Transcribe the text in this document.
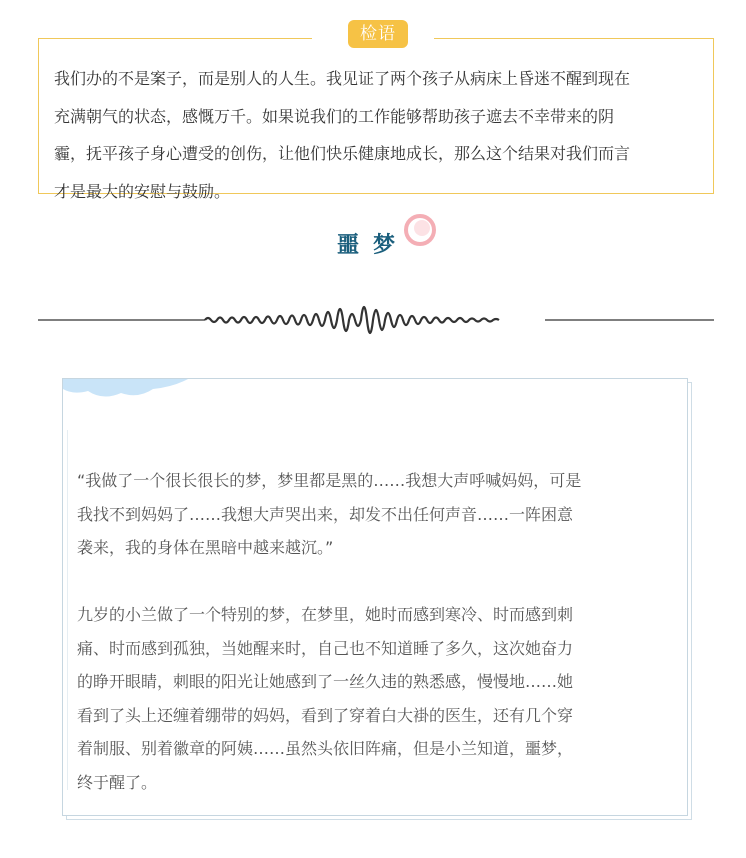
检语
我们办的不是案子，而是别人的人生。我见证了两个孩子从病床上昏迷不醒到现在
充满朝气的状态，感慨万千。如果说我们的工作能够帮助孩子遮去不幸带来的阴
霾，抚平孩子身心遭受的创伤，让他们快乐健康地成长，那么这个结果对我们而言
才是最大的安慰与鼓励。
噩梦

“我做了一个很长很长的梦，梦里都是黑的……我想大声呼喊妈妈，可是

我找不到妈妈了……我想大声哭出来，却发不出任何声音……一阵困意

袭来，我的身体在黑暗中越来越沉。”

九岁的小兰做了一个特别的梦，在梦里，她时而感到寒冷、时而感到刺

痛、时而感到孤独，当她醒来时，自己也不知道睡了多久，这次她奋力

的睁开眼睛，刺眼的阳光让她感到了一丝久违的熟悉感，慢慢地……她

看到了头上还缠着绷带的妈妈，看到了穿着白大褂的医生，还有几个穿

着制服、别着徽章的阿姨……虽然头依旧阵痛，但是小兰知道，噩梦，

终于醒了。
